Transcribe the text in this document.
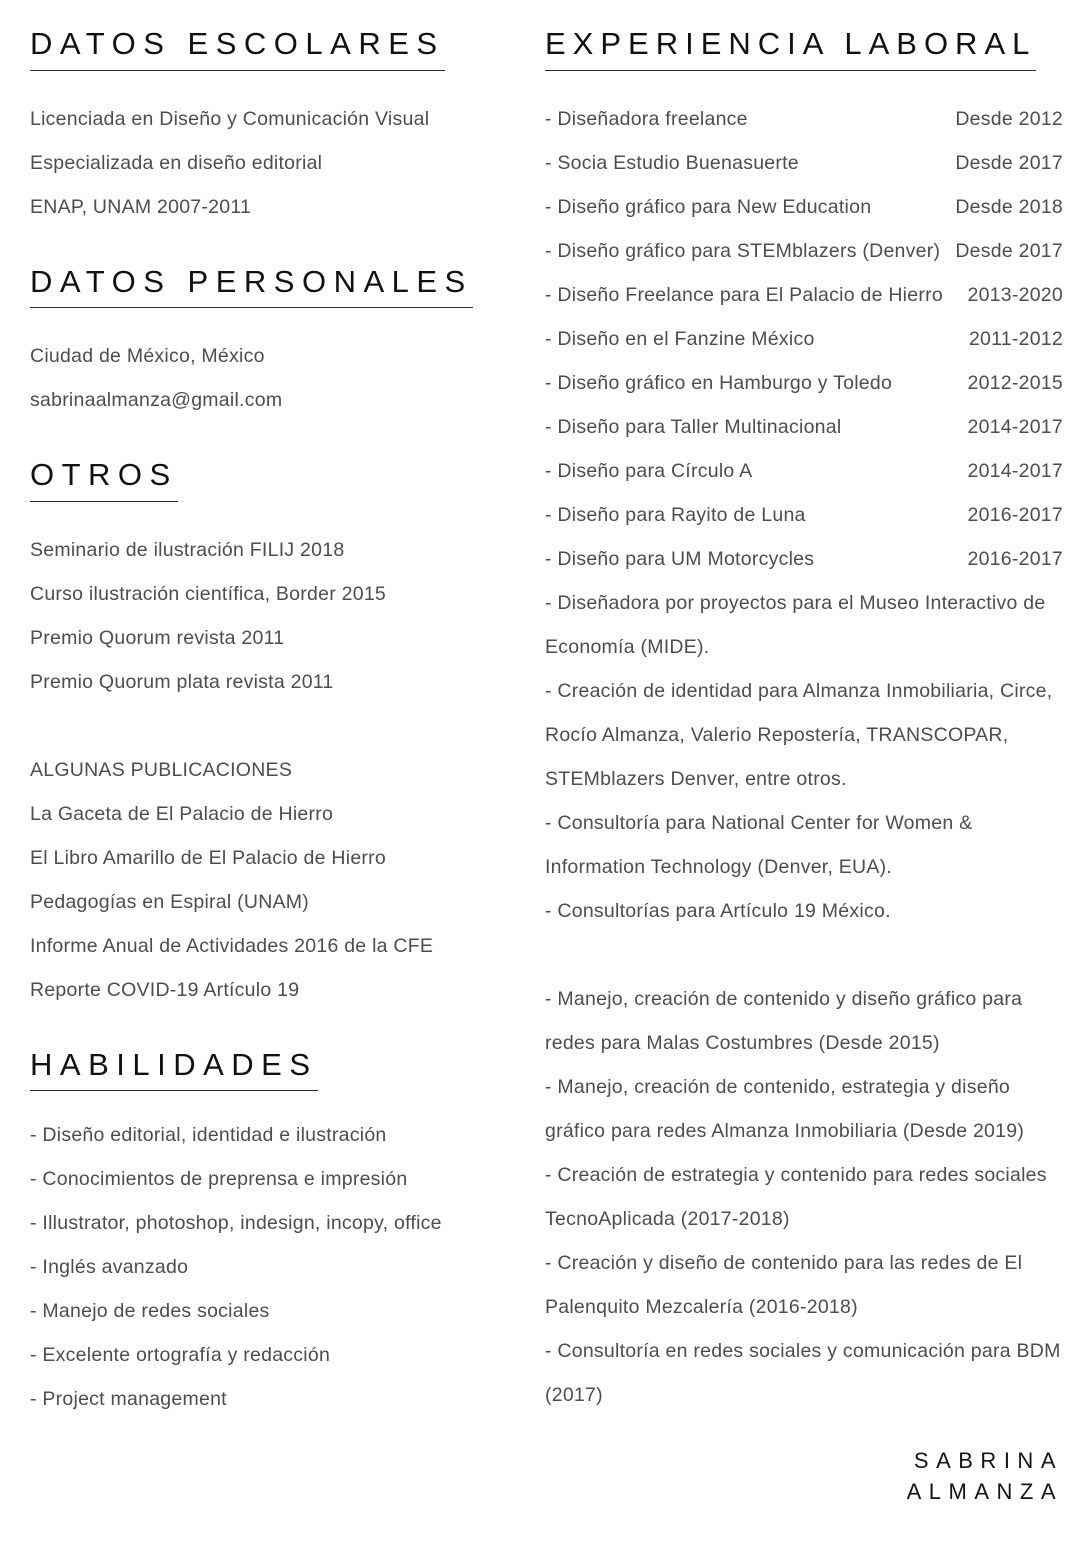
DATOS ESCOLARES
Licenciada en Diseño y Comunicación Visual
Especializada en diseño editorial
ENAP, UNAM 2007-2011
DATOS PERSONALES
Ciudad de México, México
sabrinaalmanza@gmail.com
OTROS
Seminario de ilustración FILIJ 2018
Curso ilustración científica, Border 2015
Premio Quorum revista 2011
Premio Quorum plata revista 2011
ALGUNAS PUBLICACIONES
La Gaceta de El Palacio de Hierro
El Libro Amarillo de El Palacio de Hierro
Pedagogías en Espiral (UNAM)
Informe Anual de Actividades 2016 de la CFE
Reporte COVID-19 Artículo 19
HABILIDADES
- Diseño editorial, identidad e ilustración
- Conocimientos de preprensa e impresión
- Illustrator, photoshop, indesign, incopy, office
- Inglés avanzado
- Manejo de redes sociales
- Excelente ortografía y redacción
- Project management
EXPERIENCIA LABORAL
- Diseñadora freelance	Desde 2012
- Socia Estudio Buenasuerte	Desde 2017
- Diseño gráfico para New Education	Desde 2018
- Diseño gráfico para STEMblazers (Denver) Desde 2017
- Diseño Freelance para El Palacio de Hierro	2013-2020
- Diseño en el Fanzine México	2011-2012
- Diseño gráfico en Hamburgo y Toledo	2012-2015
- Diseño para Taller Multinacional	2014-2017
- Diseño para Círculo A	2014-2017
- Diseño para Rayito de Luna	2016-2017
- Diseño para UM Motorcycles	2016-2017
- Diseñadora por proyectos para el Museo Interactivo de Economía (MIDE).
- Creación de identidad para Almanza Inmobiliaria, Circe, Rocío Almanza, Valerio Repostería, TRANSCOPAR, STEMblazers Denver, entre otros.
- Consultoría para National Center for Women & Information Technology (Denver, EUA).
- Consultorías para Artículo 19 México.
- Manejo, creación de contenido y diseño gráfico para redes para Malas Costumbres (Desde 2015)
- Manejo, creación de contenido, estrategia y diseño gráfico para redes Almanza Inmobiliaria (Desde 2019)
- Creación de estrategia y contenido para redes sociales TecnoAplicada (2017-2018)
- Creación y diseño de contenido para las redes de El Palenquito Mezcalería (2016-2018)
- Consultoría en redes sociales y comunicación para BDM (2017)
SABRINA
ALMANZA
